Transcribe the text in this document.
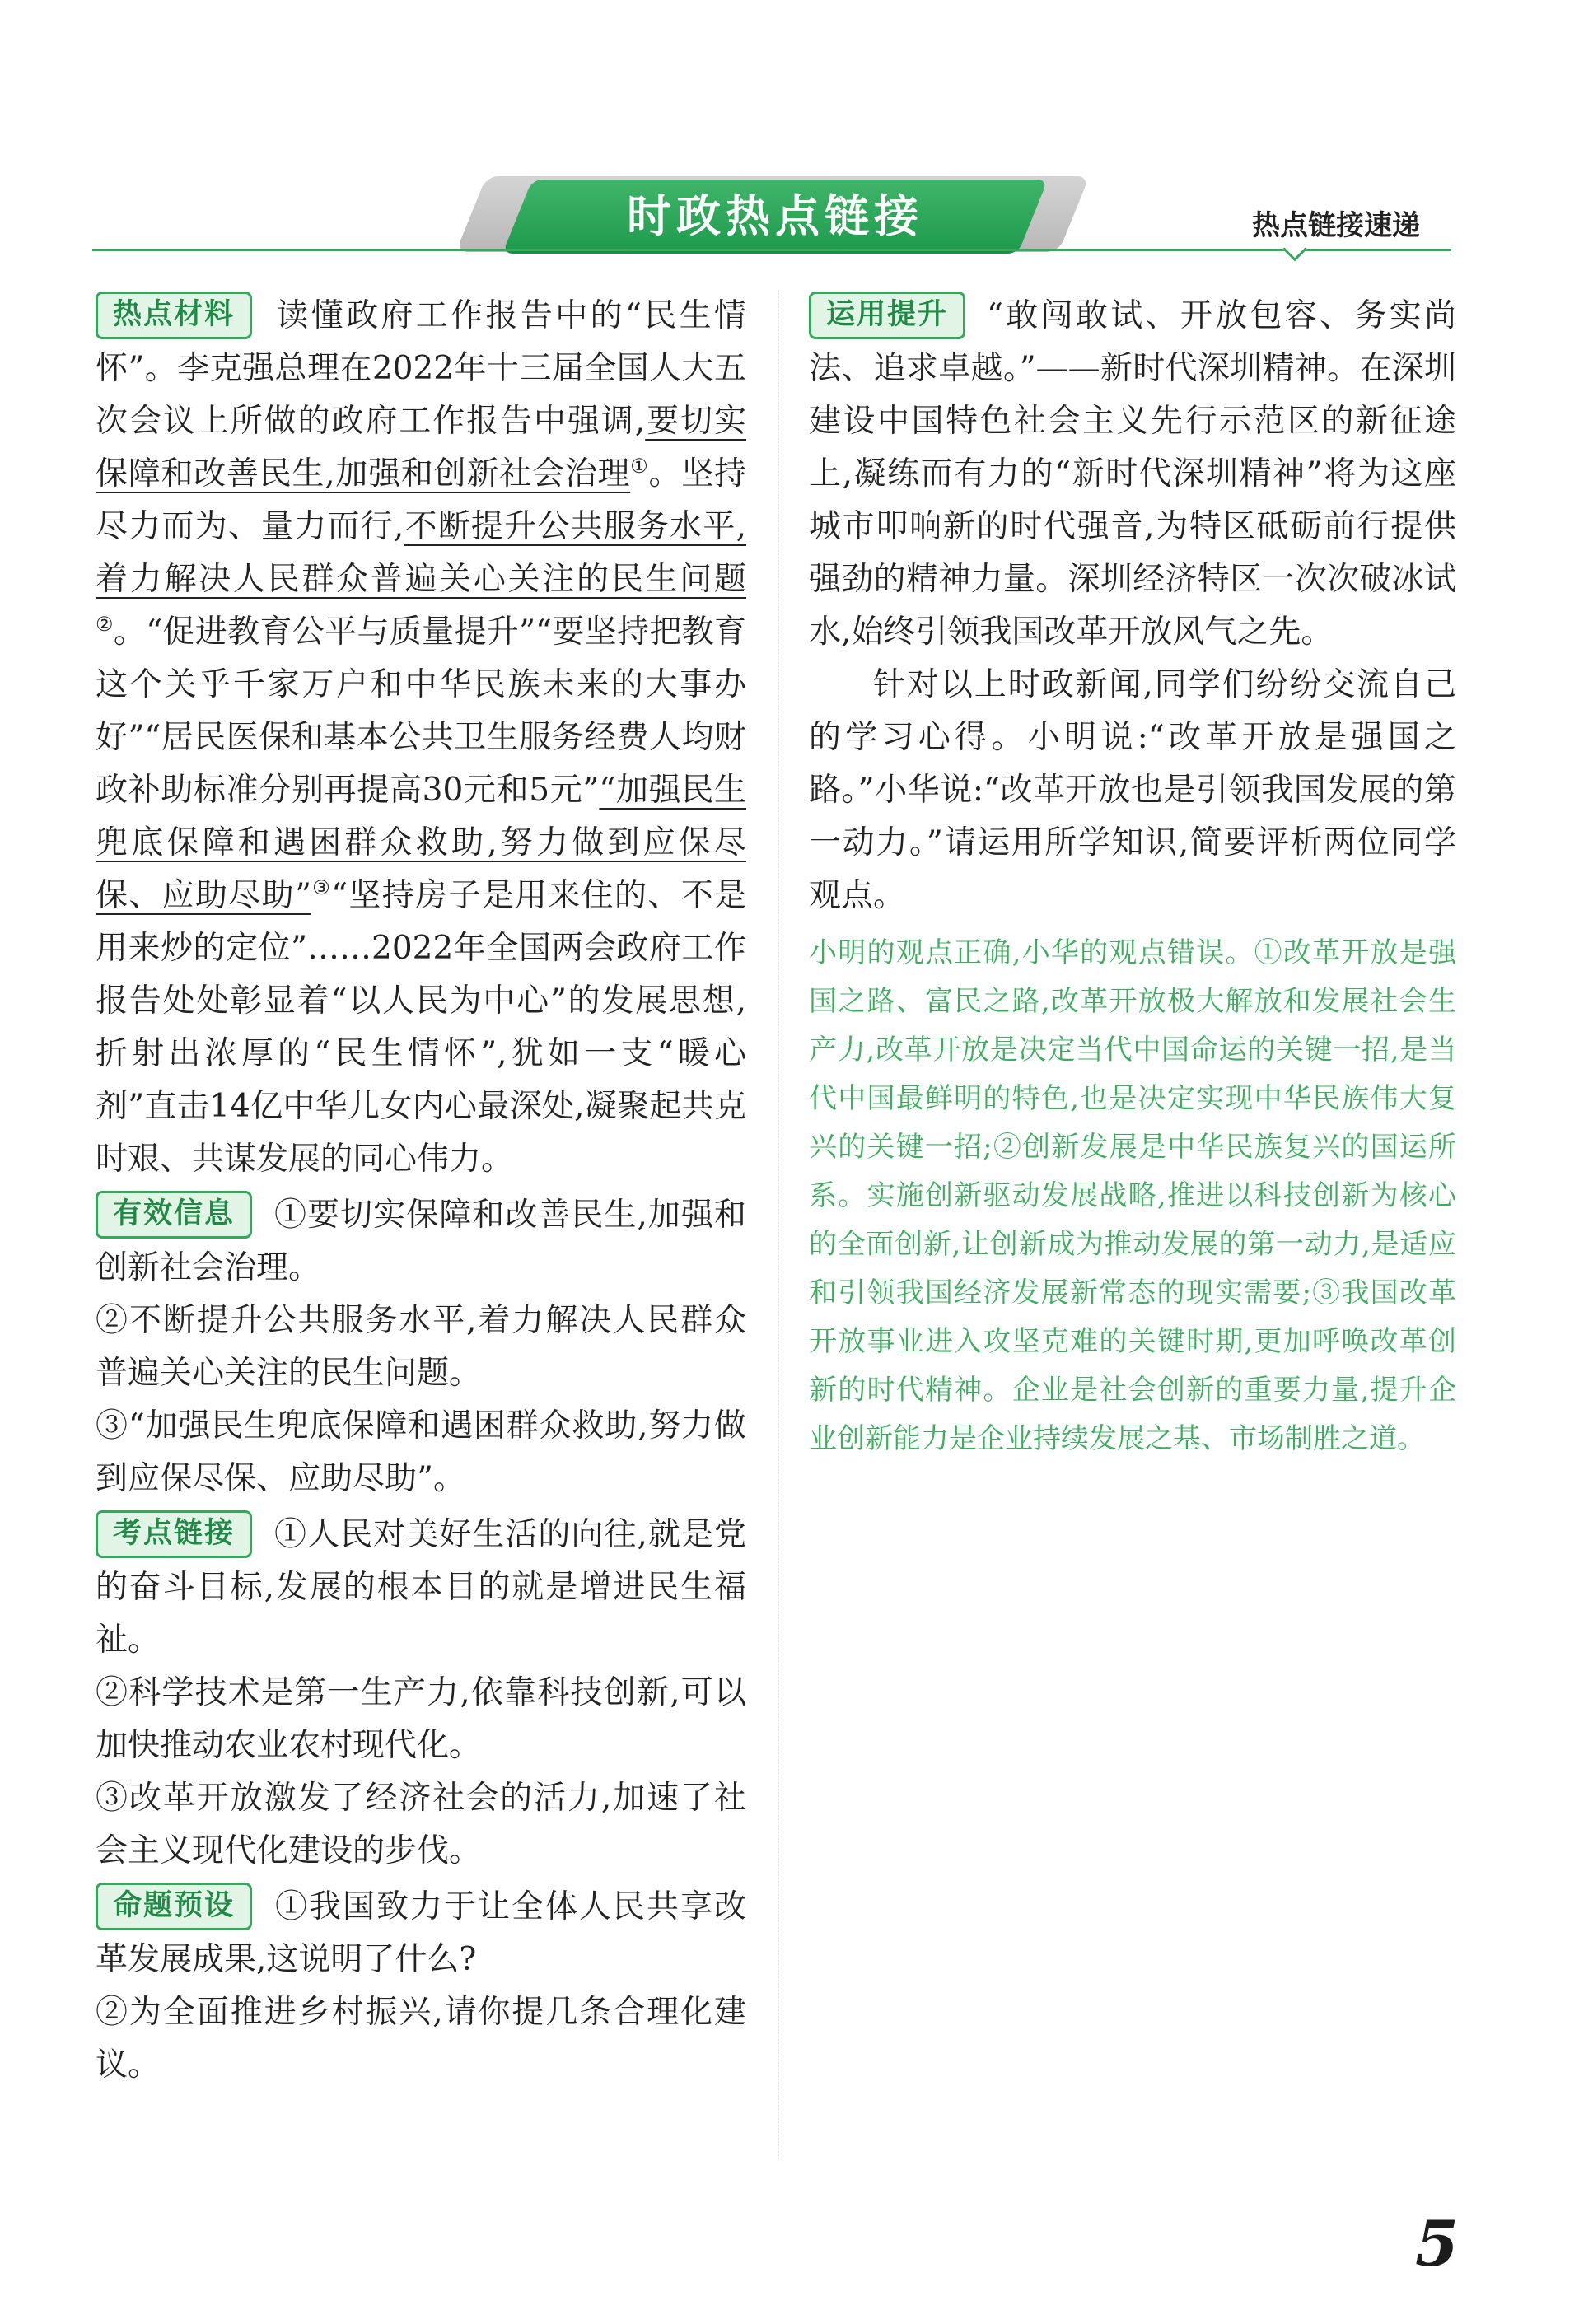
时政热点链接	热点链接速递

热点材料 读懂政府工作报告中的“民生情怀”。李克强总理在2022年十三届全国人大五次会议上所做的政府工作报告中强调,要切实保障和改善民生,加强和创新社会治理①。坚持尽力而为、量力而行,不断提升公共服务水平,着力解决人民群众普遍关心关注的民生问题②。“促进教育公平与质量提升”“要坚持把教育这个关乎千家万户和中华民族未来的大事办好”“居民医保和基本公共卫生服务经费人均财政补助标准分别再提高30元和5元”“加强民生兜底保障和遇困群众救助,努力做到应保尽保、应助尽助”③“坚持房子是用来住的、不是用来炒的定位”……2022年全国两会政府工作报告处处彰显着“以人民为中心”的发展思想,折射出浓厚的“民生情怀”,犹如一支“暖心剂”直击14亿中华儿女内心最深处,凝聚起共克时艰、共谋发展的同心伟力。

有效信息 ①要切实保障和改善民生,加强和创新社会治理。

②不断提升公共服务水平,着力解决人民群众普遍关心关注的民生问题。

③“加强民生兜底保障和遇困群众救助,努力做到应保尽保、应助尽助”。

考点链接 ①人民对美好生活的向往,就是党的奋斗目标,发展的根本目的就是增进民生福祉。

②科学技术是第一生产力,依靠科技创新,可以加快推动农业农村现代化。

③改革开放激发了经济社会的活力,加速了社会主义现代化建设的步伐。

命题预设 ①我国致力于让全体人民共享改革发展成果,这说明了什么?

②为全面推进乡村振兴,请你提几条合理化建议。

运用提升 “敢闯敢试、开放包容、务实尚法、追求卓越。”——新时代深圳精神。在深圳建设中国特色社会主义先行示范区的新征途上,凝练而有力的“新时代深圳精神”将为这座城市叩响新的时代强音,为特区砥砺前行提供强劲的精神力量。深圳经济特区一次次破冰试水,始终引领我国改革开放风气之先。

针对以上时政新闻,同学们纷纷交流自己的学习心得。小明说:“改革开放是强国之路。”小华说:“改革开放也是引领我国发展的第一动力。”请运用所学知识,简要评析两位同学观点。

小明的观点正确,小华的观点错误。①改革开放是强国之路、富民之路,改革开放极大解放和发展社会生产力,改革开放是决定当代中国命运的关键一招,是当代中国最鲜明的特色,也是决定实现中华民族伟大复兴的关键一招;②创新发展是中华民族复兴的国运所系。实施创新驱动发展战略,推进以科技创新为核心的全面创新,让创新成为推动发展的第一动力,是适应和引领我国经济发展新常态的现实需要;③我国改革开放事业进入攻坚克难的关键时期,更加呼唤改革创新的时代精神。企业是社会创新的重要力量,提升企业创新能力是企业持续发展之基、市场制胜之道。

5
